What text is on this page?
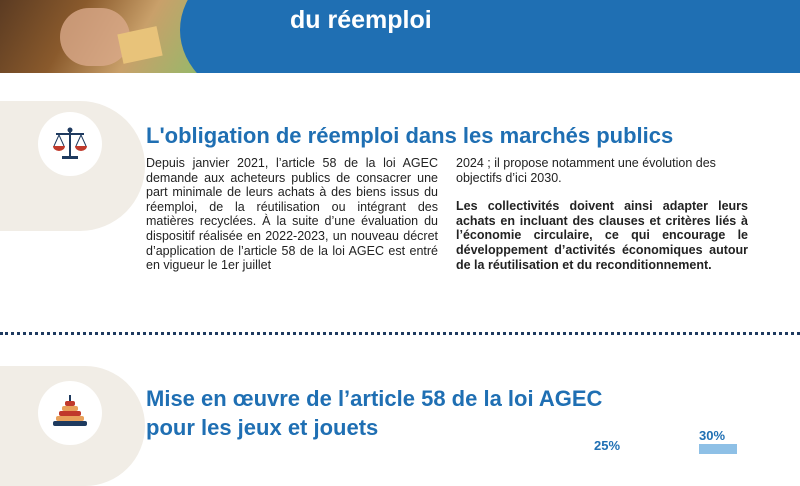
du réemploi
L'obligation de réemploi dans les marchés publics
Depuis janvier 2021, l’article 58 de la loi AGEC demande aux acheteurs publics de consacrer une part minimale de leurs achats à des biens issus du réemploi, de la réutilisation ou intégrant des matières recyclées. À la suite d’une évaluation du dispositif réalisée en 2022-2023, un nouveau décret d’application de l’article 58 de la loi AGEC est entré en vigueur le 1er juillet

2024 ; il propose notamment une évolution des objectifs d’ici 2030.

Les collectivités doivent ainsi adapter leurs achats en incluant des clauses et critères liés à l’économie circulaire, ce qui encourage le développement d’activités économiques autour de la réutilisation et du reconditionnement.

Mise en œuvre de l’article 58 de la loi AGEC
pour les jeux et jouets
25%
30%
